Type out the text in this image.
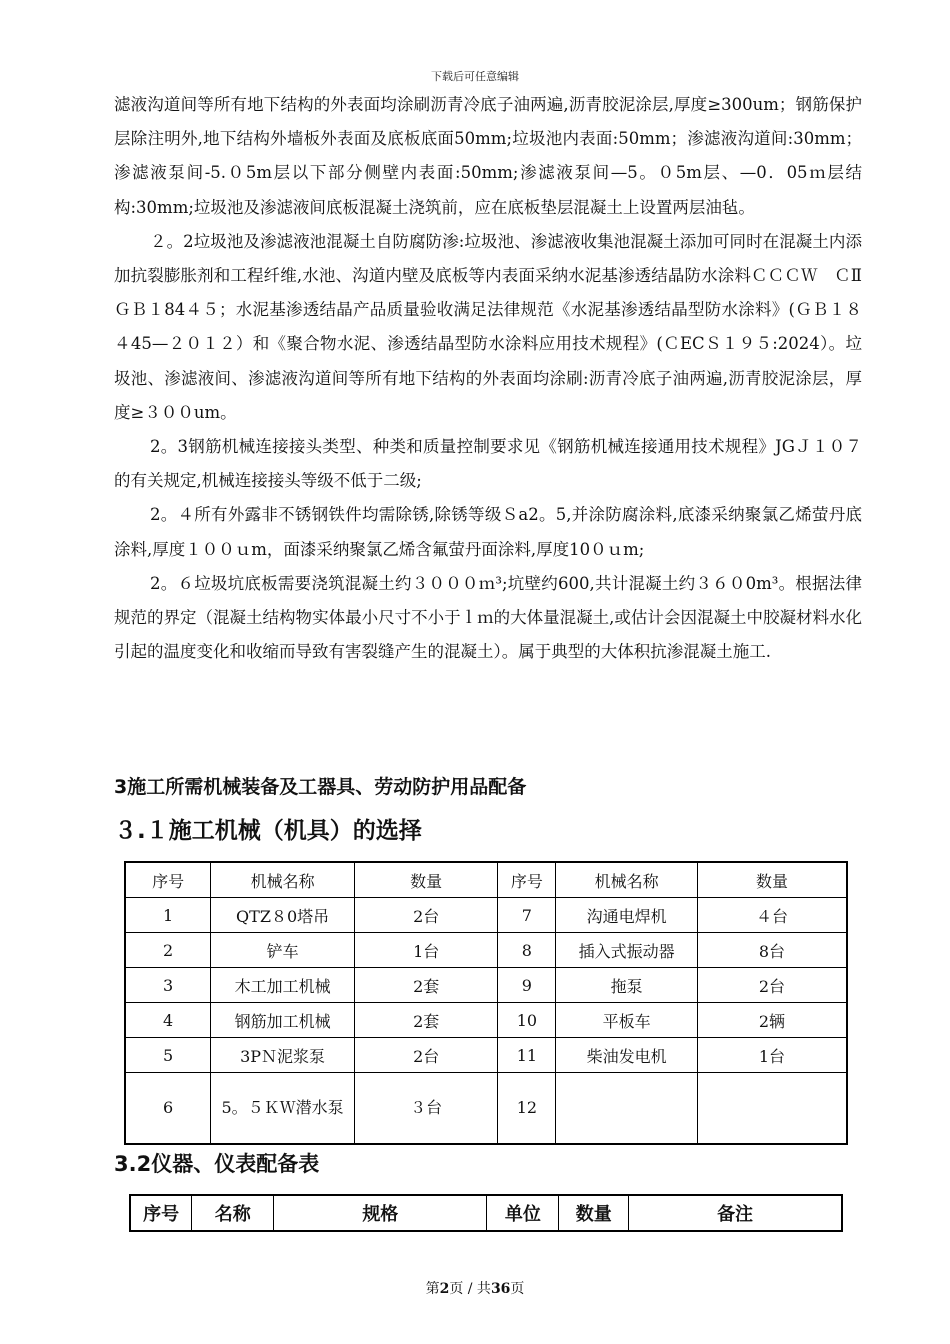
下载后可任意编辑

滤液沟道间等所有地下结构的外表面均涂刷沥青冷底子油两遍,沥青胶泥涂层,厚度≥300um；钢筋保护层除注明外,地下结构外墙板外表面及底板底面50mm;垃圾池内表面:50mm；渗滤液沟道间:30mm；渗滤液泵间-5.０5m层以下部分侧壁内表面:50mm;渗滤液泵间—5。０5m层、—0．05ｍ层结构:30mm;垃圾池及渗滤液间底板混凝土浇筑前，应在底板垫层混凝土上设置两层油毡。

２。2垃圾池及渗滤液池混凝土自防腐防渗:垃圾池、渗滤液收集池混凝土添加可同时在混凝土内添加抗裂膨胀剂和工程纤维,水池、沟道内壁及底板等内表面采纳水泥基渗透结晶防水涂料ＣＣＣＷ　ＣⅡＧＢ１84４５；水泥基渗透结晶产品质量验收满足法律规范《水泥基渗透结晶型防水涂料》(ＧＢ１８４45—２０１２）和《聚合物水泥、渗透结晶型防水涂料应用技术规程》(ＣECＳ１９５:2024）。垃圾池、渗滤液间、渗滤液沟道间等所有地下结构的外表面均涂刷:沥青冷底子油两遍,沥青胶泥涂层，厚度≥３００um。

2。3钢筋机械连接接头类型、种类和质量控制要求见《钢筋机械连接通用技术规程》JGＪ１０７的有关规定,机械连接接头等级不低于二级;

2。４所有外露非不锈钢铁件均需除锈,除锈等级Ｓa2。5,并涂防腐涂料,底漆采纳聚氯乙烯萤丹底涂料,厚度１００ｕm，面漆采纳聚氯乙烯含氟萤丹面涂料,厚度10０ｕm;

2。６垃圾坑底板需要浇筑混凝土约３０００ｍ³;坑壁约600,共计混凝土约３６０0m³。根据法律规范的界定（混凝土结构物实体最小尺寸不小于ｌｍ的大体量混凝土,或估计会因混凝土中胶凝材料水化引起的温度变化和收缩而导致有害裂缝产生的混凝土）。属于典型的大体积抗渗混凝土施工.

3施工所需机械装备及工器具、劳动防护用品配备
３.１施工机械（机具）的选择
序号	机械名称	数量	序号	机械名称	数量
1	QTZ８0塔吊	2台	7	沟通电焊机	４台
2	铲车	1台	8	插入式振动器	8台
3	木工加工机械	2套	9	拖泵	2台
4	钢筋加工机械	2套	10	平板车	2辆
5	3PＮ泥浆泵	2台	11	柴油发电机	1台
6	5。５ＫＷ潜水泵	３台	12		
3.2仪器、仪表配备表
序号	名称	规格	单位	数量	备注
第2页 / 共36页
